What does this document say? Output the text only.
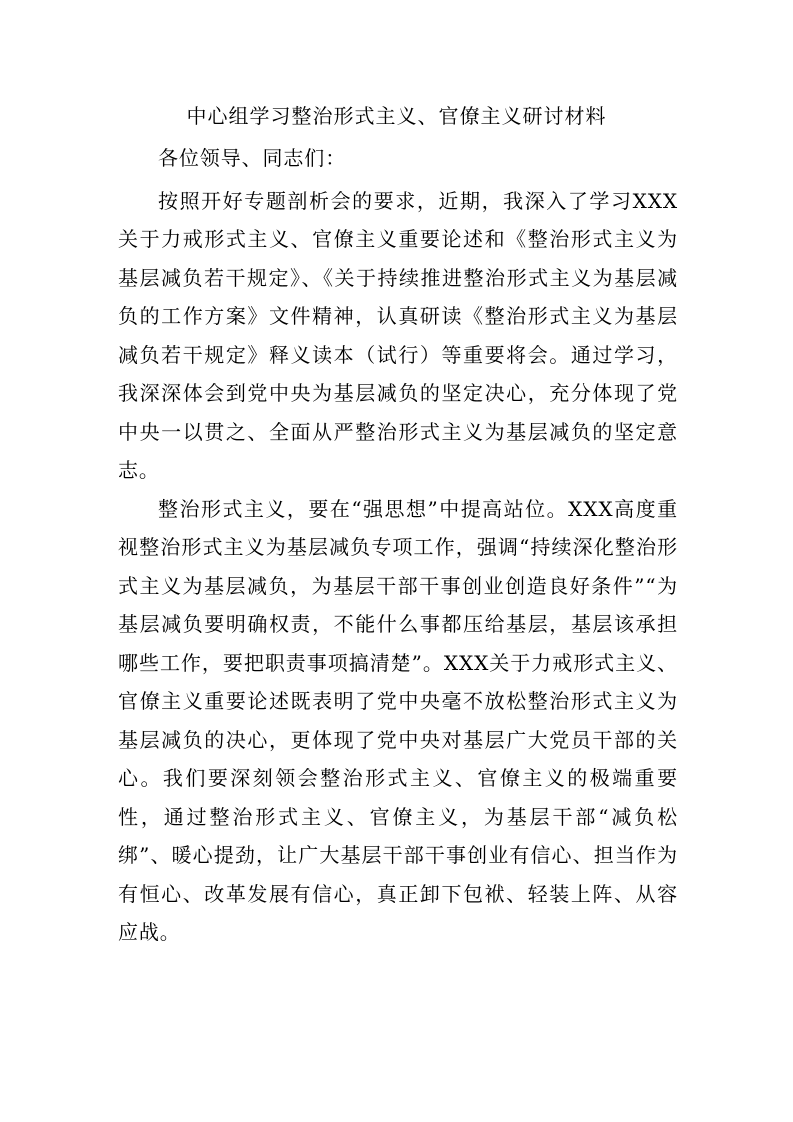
中心组学习整治形式主义、官僚主义研讨材料

各位领导、同志们：

按照开好专题剖析会的要求，近期，我深入了学习XXX关于力戒形式主义、官僚主义重要论述和《整治形式主义为基层减负若干规定》、《关于持续推进整治形式主义为基层减负的工作方案》文件精神，认真研读《整治形式主义为基层减负若干规定》释义读本（试行）等重要将会。通过学习，我深深体会到党中央为基层减负的坚定决心，充分体现了党中央一以贯之、全面从严整治形式主义为基层减负的坚定意志。

整治形式主义，要在“强思想”中提高站位。XXX高度重视整治形式主义为基层减负专项工作，强调“持续深化整治形式主义为基层减负，为基层干部干事创业创造良好条件”“为基层减负要明确权责，不能什么事都压给基层，基层该承担哪些工作，要把职责事项搞清楚”。XXX关于力戒形式主义、官僚主义重要论述既表明了党中央毫不放松整治形式主义为基层减负的决心，更体现了党中央对基层广大党员干部的关心。我们要深刻领会整治形式主义、官僚主义的极端重要性，通过整治形式主义、官僚主义，为基层干部“减负松绑”、暖心提劲，让广大基层干部干事创业有信心、担当作为有恒心、改革发展有信心，真正卸下包袱、轻装上阵、从容应战。
